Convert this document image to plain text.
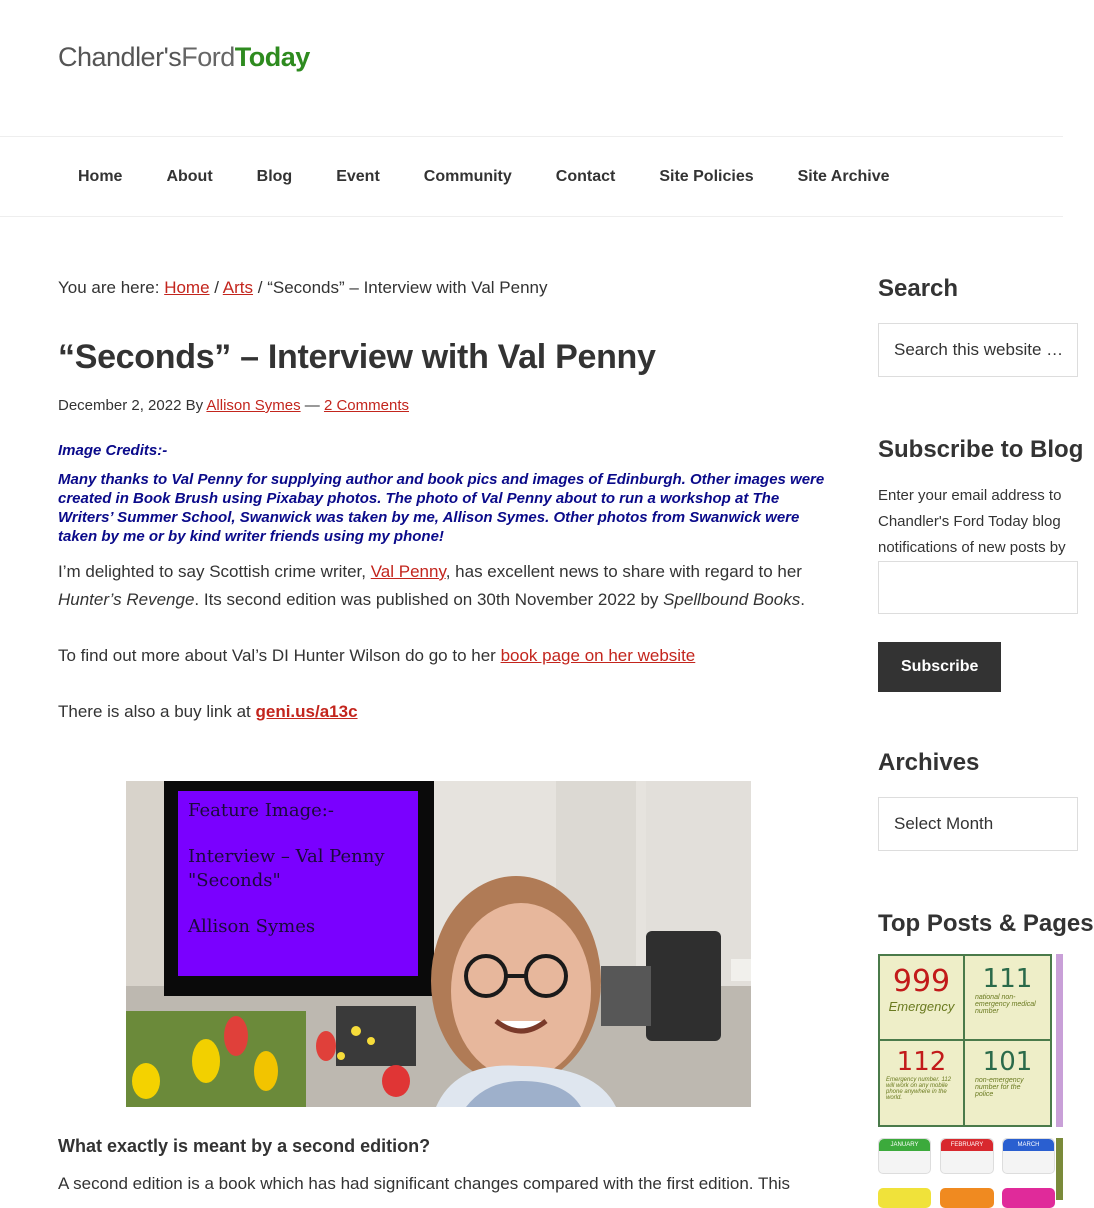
Chandler'sFordToday
Home	About	Blog	Event	Community	Contact	Site Policies	Site Archive
You are here: Home / Arts / “Seconds” – Interview with Val Penny
“Seconds” – Interview with Val Penny
December 2, 2022 By Allison Symes — 2 Comments
Image Credits:-
Many thanks to Val Penny for supplying author and book pics and images of Edinburgh. Other images were created in Book Brush using Pixabay photos. The photo of Val Penny about to run a workshop at The Writers’ Summer School, Swanwick was taken by me, Allison Symes. Other photos from Swanwick were taken by me or by kind writer friends using my phone!

I’m delighted to say Scottish crime writer, Val Penny, has excellent news to share with regard to her Hunter’s Revenge. Its second edition was published on 30th November 2022 by Spellbound Books.

To find out more about Val’s DI Hunter Wilson do go to her book page on her website

There is also a buy link at geni.us/a13c

Feature Image:-
Interview – Val Penny
"Seconds"
Allison Symes
What exactly is meant by a second edition?
A second edition is a book which has had significant changes compared with the first edition. This
Search
Search this website …
Subscribe to Blog
Enter your email address to
Chandler's Ford Today blog
notifications of new posts by
Subscribe
Archives
Select Month
Top Posts & Pages
999
Emergency
111
national non-emergency medical number
112
Emergency number. 112 will work on any mobile phone anywhere in the world.
101
non-emergency number for the police
JANUARY	FEBRUARY	MARCH
